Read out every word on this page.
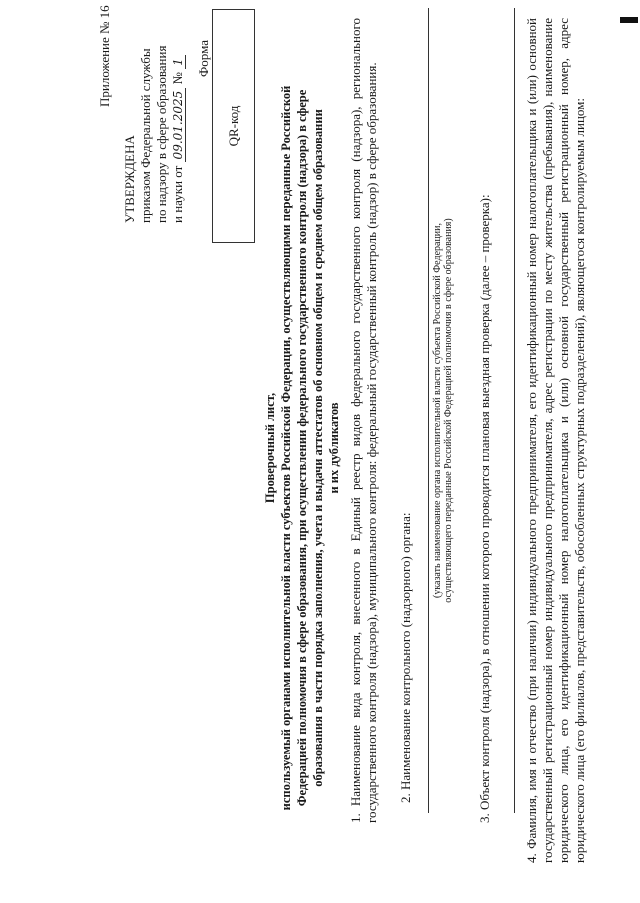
Приложение № 16
УТВЕРЖДЕНА приказом Федеральной службы по надзору в сфере образования и науки от 09.01.2025 № 1 Форма
QR-код
Проверочный лист, используемый органами исполнительной власти субъектов Российской Федерации, осуществляющими переданные Российской Федерацией полномочия в сфере образования, при осуществлении федерального государственного контроля (надзора) в сфере образования в части порядка заполнения, учета и выдачи аттестатов об основном общем и среднем общем образовании и их дубликатов 1. Наименование вида контроля, внесенного в Единый реестр видов федерального государственного контроля (надзора), регионального государственного контроля (надзора), муниципального контроля: федеральный государственный контроль (надзор) в сфере образования. 2. Наименование контрольного (надзорного) органа:
(указать наименование органа исполнительной власти субъекта Российской Федерации, осуществляющего переданные Российской Федерацией полномочия в сфере образования) 3. Объект контроля (надзора), в отношении которого проводится плановая выездная проверка (далее – проверка): 4. Фамилия, имя и отчество (при наличии) индивидуального предпринимателя, его идентификационный номер налогоплательщика и (или) основной государственный регистрационный номер индивидуального предпринимателя, адрес регистрации по месту жительства (пребывания), наименование юридического лица, его идентификационный номер налогоплательщика и (или) основной государственный регистрационный номер, адрес юридического лица (его филиалов, представительств, обособленных структурных подразделений), являющегося контролируемым лицом:
